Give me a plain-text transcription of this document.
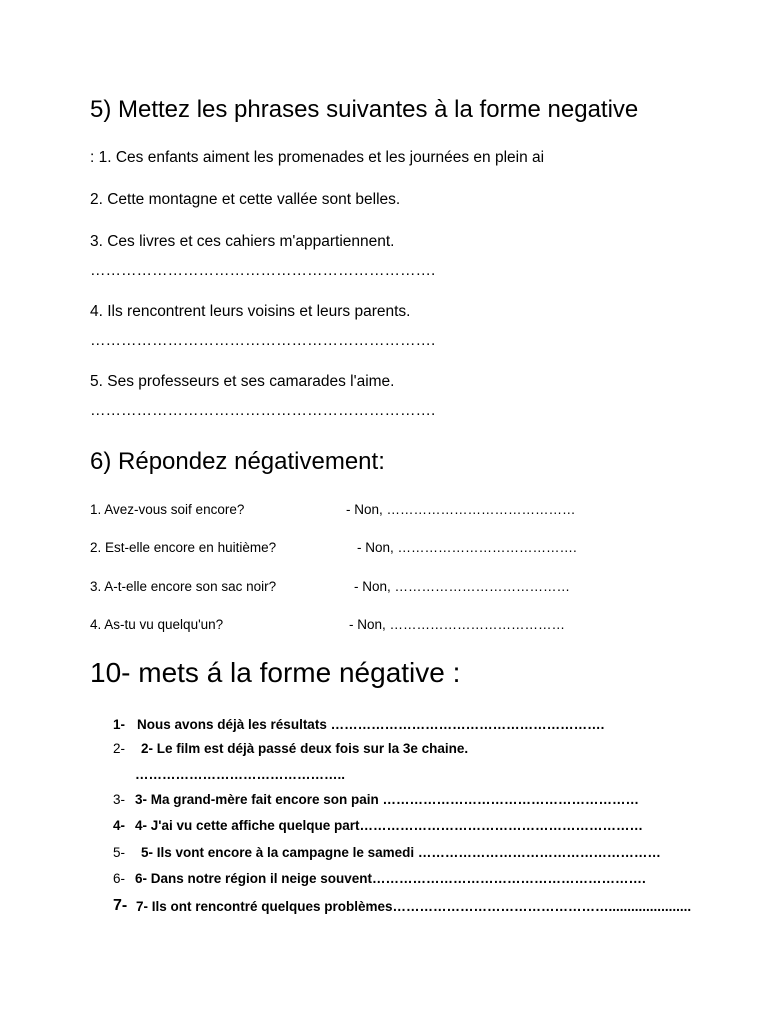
5) Mettez les phrases suivantes à la forme negative
: 1. Ces enfants aiment les promenades et les journées en plein ai
2. Cette montagne et cette vallée sont belles.
3. Ces livres et ces cahiers m'appartiennent.
………………………………………………………….
4. Ils rencontrent leurs voisins et leurs parents.
………………………………………………………….
5. Ses professeurs et ses camarades l'aime.
………………………………………………………….
6) Répondez négativement:
1. Avez-vous soif encore?	- Non, ……………………………………
2. Est-elle encore en huitième?	- Non, ………………………………….
3. A-t-elle encore son sac noir?	- Non, …………………………………
4. As-tu vu quelqu'un?	- Non, …………………………………
10- mets á la forme négative :
1- Nous avons déjà les résultats …………………………………………………….
2- 2- Le film est déjà passé deux fois sur la 3e chaine.
………………………………………..
3- 3- Ma grand-mère fait encore son pain …………………………………………………
4- 4- J'ai vu cette affiche quelque part………………………………………………………
5- 5- Ils vont encore à la campagne le samedi ………………………………………………
6- 6- Dans notre région il neige souvent…………………………………………………….
7- 7- Ils ont rencontré quelques problèmes…………………………………………......................
